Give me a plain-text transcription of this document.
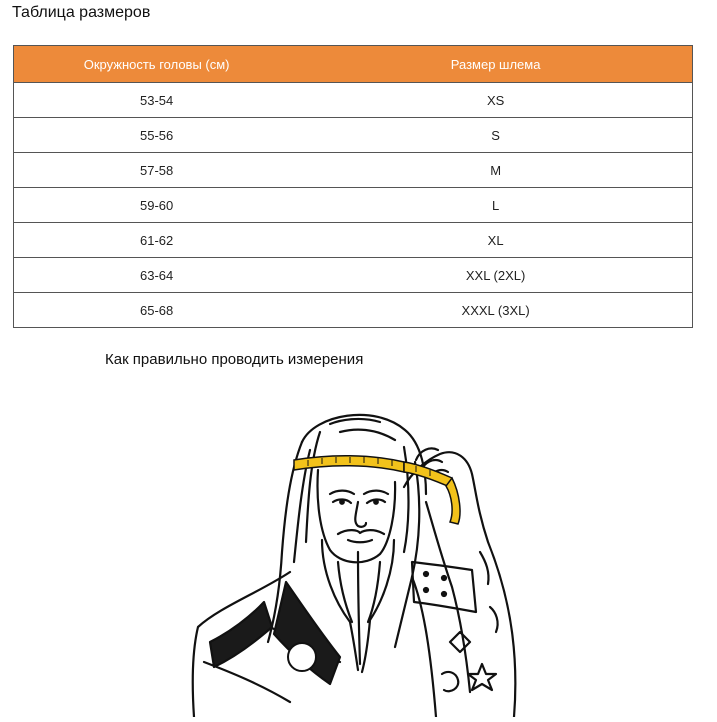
Таблица размеров
Окружность головы (см)	Размер шлема
53-54	XS
55-56	S
57-58	M
59-60	L
61-62	XL
63-64	XXL (2XL)
65-68	XXXL (3XL)
Как правильно проводить измерения
